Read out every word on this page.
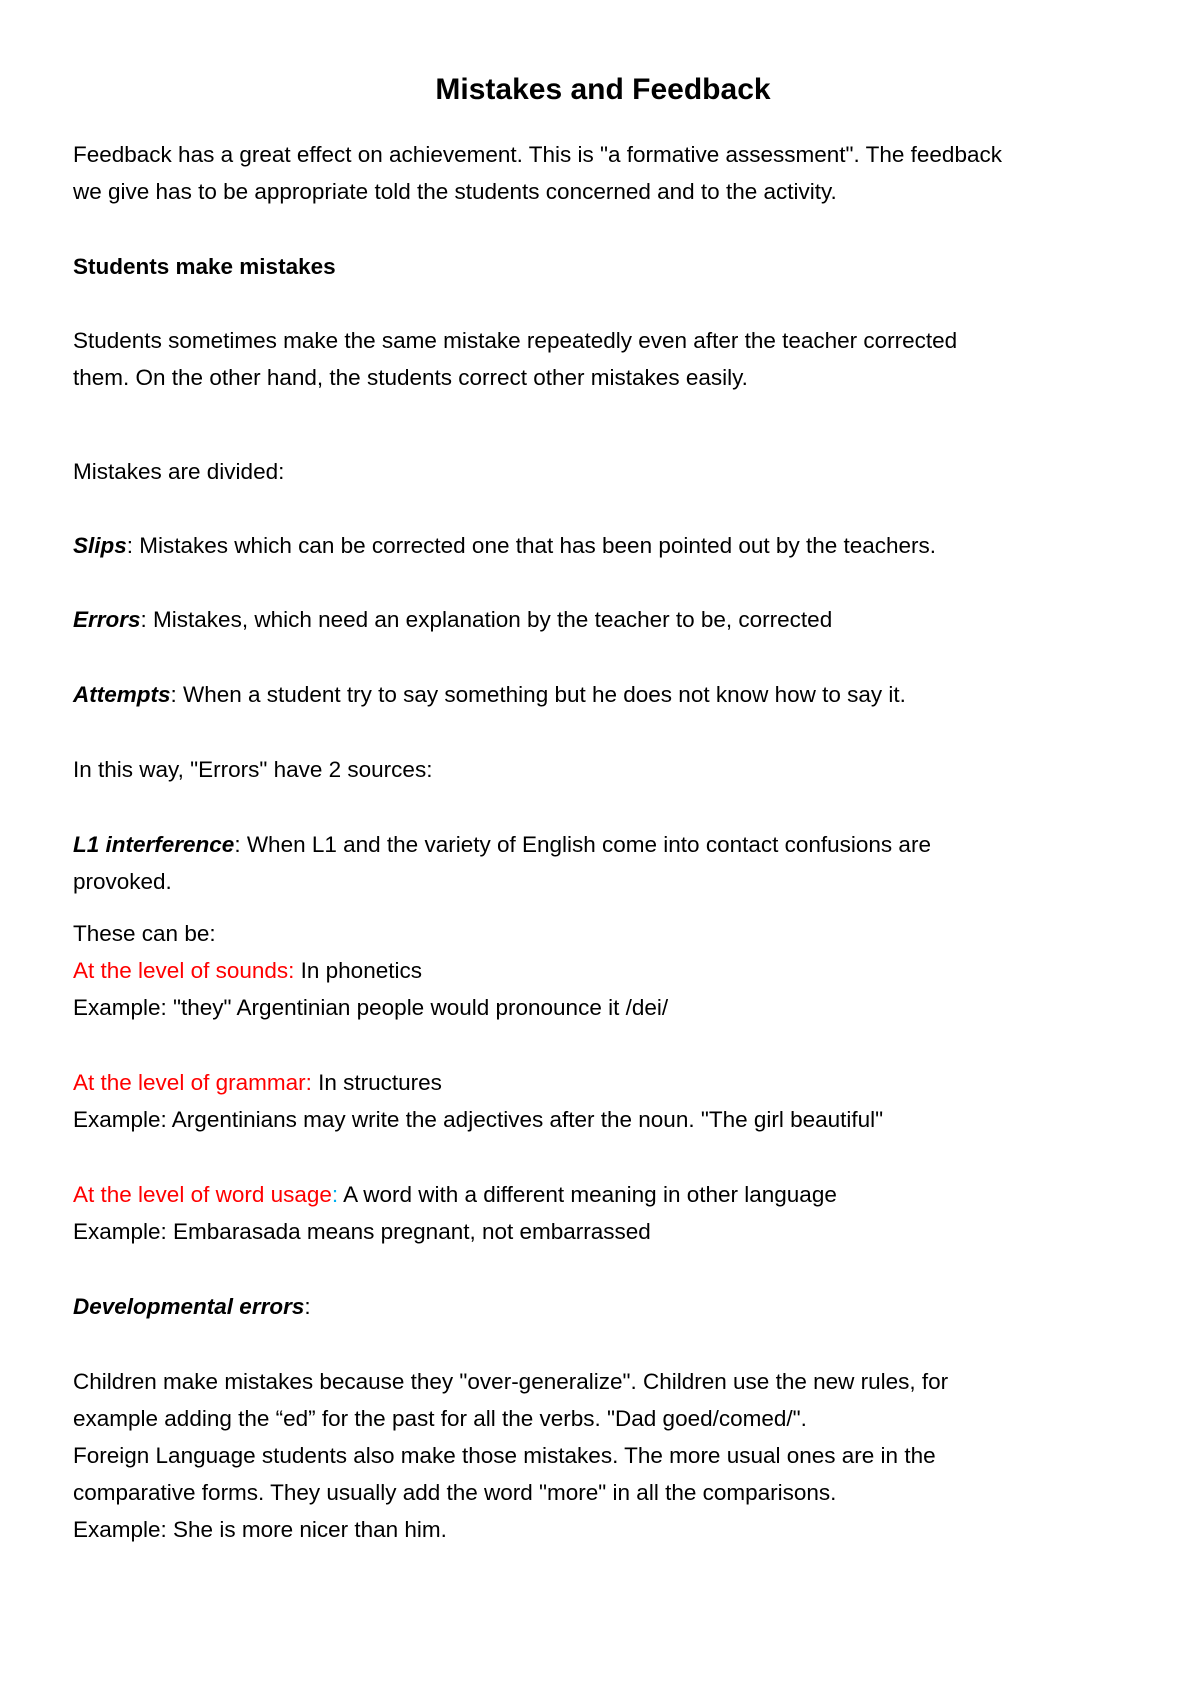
Mistakes and Feedback
Feedback has a great effect on achievement. This is "a formative assessment". The feedback
we give has to be appropriate told the students concerned and to the activity.
Students make mistakes
Students sometimes make the same mistake repeatedly even after the teacher corrected
them. On the other hand, the students correct other mistakes easily.
Mistakes are divided:
Slips: Mistakes which can be corrected one that has been pointed out by the teachers.
Errors: Mistakes, which need an explanation by the teacher to be, corrected
Attempts: When a student try to say something but he does not know how to say it.
In this way, "Errors" have 2 sources:
L1 interference: When L1 and the variety of English come into contact confusions are
provoked.
These can be:
At the level of sounds: In phonetics
Example: "they" Argentinian people would pronounce it /dei/
At the level of grammar: In structures
Example: Argentinians may write the adjectives after the noun. "The girl beautiful"
At the level of word usage: A word with a different meaning in other language
Example: Embarasada means pregnant, not embarrassed
Developmental errors:
Children make mistakes because they "over-generalize". Children use the new rules, for
example adding the “ed” for the past for all the verbs. "Dad goed/comed/".
Foreign Language students also make those mistakes. The more usual ones are in the
comparative forms. They usually add the word "more" in all the comparisons.
Example: She is more nicer than him.
